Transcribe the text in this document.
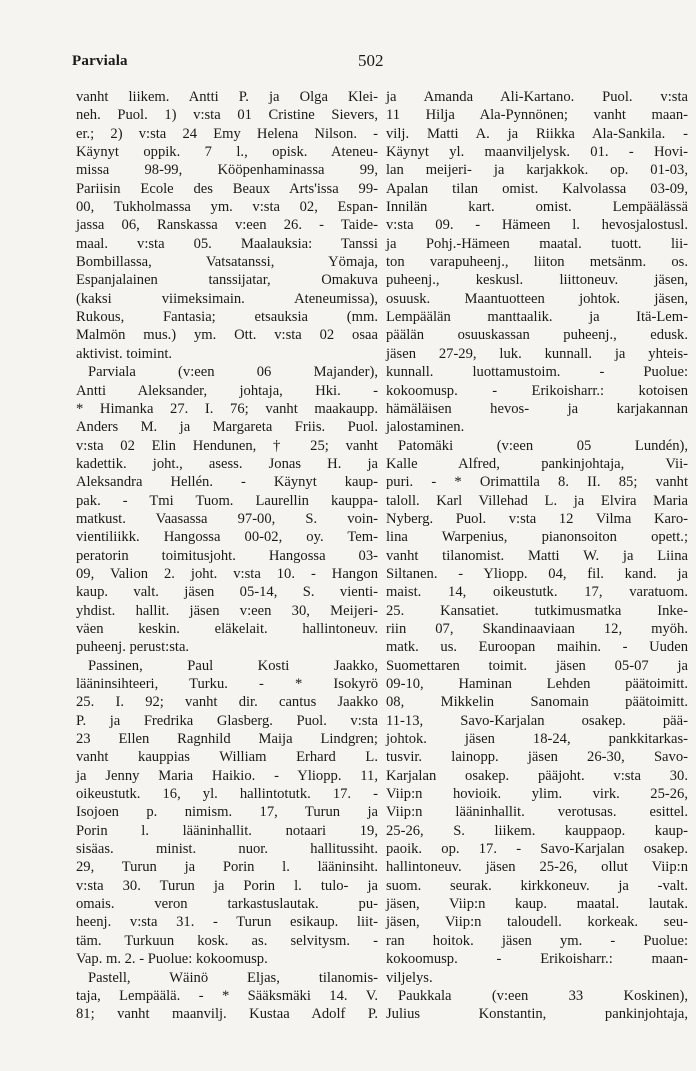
Parviala	502
vanht liikem. Antti P. ja Olga Klei-
neh. Puol. 1) v:sta 01 Cristine Sievers,
er.; 2) v:sta 24 Emy Helena Nilson. -
Käynyt oppik. 7 l., opisk. Ateneu-
missa 98-99, Kööpenhaminassa 99,
Pariisin Ecole des Beaux Arts'issa 99-
00, Tukholmassa ym. v:sta 02, Espan-
jassa 06, Ranskassa v:een 26. - Taide-
maal. v:sta 05. Maalauksia: Tanssi
Bombillassa, Vatsatanssi, Yömaja,
Espanjalainen tanssijatar, Omakuva
(kaksi viimeksimain. Ateneumissa),
Rukous, Fantasia; etsauksia (mm.
Malmön mus.) ym. Ott. v:sta 02 osaa
aktivist. toimint.
Parviala (v:een 06 Majander),
Antti Aleksander, johtaja, Hki. -
* Himanka 27. I. 76; vanht maakaupp.
Anders M. ja Margareta Friis. Puol.
v:sta 02 Elin Hendunen, † 25; vanht
kadettik. joht., asess. Jonas H. ja
Aleksandra Hellén. - Käynyt kaup-
pak. - Tmi Tuom. Laurellin kauppa-
matkust. Vaasassa 97-00, S. voin-
vientiliikk. Hangossa 00-02, oy. Tem-
peratorin toimitusjoht. Hangossa 03-
09, Valion 2. joht. v:sta 10. - Hangon
kaup. valt. jäsen 05-14, S. vienti-
yhdist. hallit. jäsen v:een 30, Meijeri-
väen keskin. eläkelait. hallintoneuv.
puheenj. perust:sta.
Passinen, Paul Kosti Jaakko,
lääninsihteeri, Turku. - * Isokyrö
25. I. 92; vanht dir. cantus Jaakko
P. ja Fredrika Glasberg. Puol. v:sta
23 Ellen Ragnhild Maija Lindgren;
vanht kauppias William Erhard L.
ja Jenny Maria Haikio. - Yliopp. 11,
oikeustutk. 16, yl. hallintotutk. 17. -
Isojoen p. nimism. 17, Turun ja
Porin l. lääninhallit. notaari 19,
sisäas. minist. nuor. hallitussiht.
29, Turun ja Porin l. lääninsiht.
v:sta 30. Turun ja Porin l. tulo- ja
omais. veron tarkastuslautak. pu-
heenj. v:sta 31. - Turun esikaup. liit-
täm. Turkuun kosk. as. selvitysm. -
Vap. m. 2. - Puolue: kokoomusp.
Pastell, Wäinö Eljas, tilanomis-
taja, Lempäälä. - * Sääksmäki 14. V.
81; vanht maanvilj. Kustaa Adolf P.
ja Amanda Ali-Kartano. Puol. v:sta
11 Hilja Ala-Pynnönen; vanht maan-
vilj. Matti A. ja Riikka Ala-Sankila. -
Käynyt yl. maanviljelysk. 01. - Hovi-
lan meijeri- ja karjakkok. op. 01-03,
Apalan tilan omist. Kalvolassa 03-09,
Innilän kart. omist. Lempäälässä
v:sta 09. - Hämeen l. hevosjalostusl.
ja Pohj.-Hämeen maatal. tuott. lii-
ton varapuheenj., liiton metsänm. os.
puheenj., keskusl. liittoneuv. jäsen,
osuusk. Maantuotteen johtok. jäsen,
Lempäälän manttaalik. ja Itä-Lem-
päälän osuuskassan puheenj., edusk.
jäsen 27-29, luk. kunnall. ja yhteis-
kunnall. luottamustoim. - Puolue:
kokoomusp. - Erikoisharr.: kotoisen
hämäläisen hevos- ja karjakannan
jalostaminen.
Patomäki (v:een 05 Lundén),
Kalle Alfred, pankinjohtaja, Vii-
puri. - * Orimattila 8. II. 85; vanht
taloll. Karl Villehad L. ja Elvira Maria
Nyberg. Puol. v:sta 12 Vilma Karo-
lina Warpenius, pianonsoiton opett.;
vanht tilanomist. Matti W. ja Liina
Siltanen. - Yliopp. 04, fil. kand. ja
maist. 14, oikeustutk. 17, varatuom.
25. Kansatiet. tutkimusmatka Inke-
riin 07, Skandinaaviaan 12, myöh.
matk. us. Euroopan maihin. - Uuden
Suomettaren toimit. jäsen 05-07 ja
09-10, Haminan Lehden päätoimitt.
08, Mikkelin Sanomain päätoimitt.
11-13, Savo-Karjalan osakep. pää-
johtok. jäsen 18-24, pankkitarkas-
tusvir. lainopp. jäsen 26-30, Savo-
Karjalan osakep. pääjoht. v:sta 30.
Viip:n hovioik. ylim. virk. 25-26,
Viip:n lääninhallit. verotusas. esittel.
25-26, S. liikem. kauppaop. kaup-
paoik. op. 17. - Savo-Karjalan osakep.
hallintoneuv. jäsen 25-26, ollut Viip:n
suom. seurak. kirkkoneuv. ja -valt.
jäsen, Viip:n kaup. maatal. lautak.
jäsen, Viip:n taloudell. korkeak. seu-
ran hoitok. jäsen ym. - Puolue:
kokoomusp. - Erikoisharr.: maan-
viljelys.
Paukkala (v:een 33 Koskinen),
Julius Konstantin, pankinjohtaja,
